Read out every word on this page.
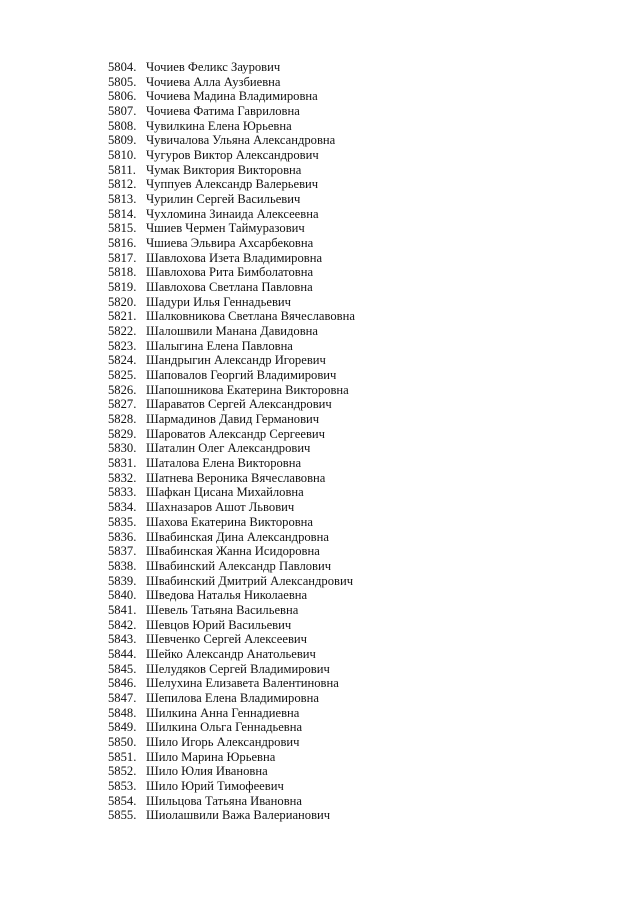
5804. Чочиев Феликс Заурович
5805. Чочиева Алла Аузбиевна
5806. Чочиева Мадина Владимировна
5807. Чочиева Фатима Гавриловна
5808. Чувилкина Елена Юрьевна
5809. Чувичалова Ульяна Александровна
5810. Чугуров Виктор Александрович
5811. Чумак Виктория Викторовна
5812. Чуппуев Александр Валерьевич
5813. Чурилин Сергей Васильевич
5814. Чухломина Зинаида Алексеевна
5815. Чшиев Чермен Таймуразович
5816. Чшиева Эльвира Ахсарбековна
5817. Шавлохова Изета Владимировна
5818. Шавлохова Рита Бимболатовна
5819. Шавлохова Светлана Павловна
5820. Шадури Илья Геннадьевич
5821. Шалковникова Светлана Вячеславовна
5822. Шалошвили Манана Давидовна
5823. Шалыгина Елена Павловна
5824. Шандрыгин Александр Игоревич
5825. Шаповалов Георгий Владимирович
5826. Шапошникова Екатерина Викторовна
5827. Шараватов Сергей Александрович
5828. Шармадинов Давид Германович
5829. Шароватов Александр Сергеевич
5830. Шаталин Олег Александрович
5831. Шаталова Елена Викторовна
5832. Шатнева Вероника Вячеславовна
5833. Шафкан Цисана Михайловна
5834. Шахназаров Ашот Львович
5835. Шахова Екатерина Викторовна
5836. Швабинская Дина Александровна
5837. Швабинская Жанна Исидоровна
5838. Швабинский Александр Павлович
5839. Швабинский Дмитрий Александрович
5840. Шведова Наталья Николаевна
5841. Шевель Татьяна Васильевна
5842. Шевцов Юрий Васильевич
5843. Шевченко Сергей Алексеевич
5844. Шейко Александр Анатольевич
5845. Шелудяков Сергей Владимирович
5846. Шелухина Елизавета Валентиновна
5847. Шепилова Елена Владимировна
5848. Шилкина Анна Геннадиевна
5849. Шилкина Ольга Геннадьевна
5850. Шило Игорь Александрович
5851. Шило Марина Юрьевна
5852. Шило Юлия Ивановна
5853. Шило Юрий Тимофеевич
5854. Шильцова Татьяна Ивановна
5855. Шиолашвили Важа Валерианович
